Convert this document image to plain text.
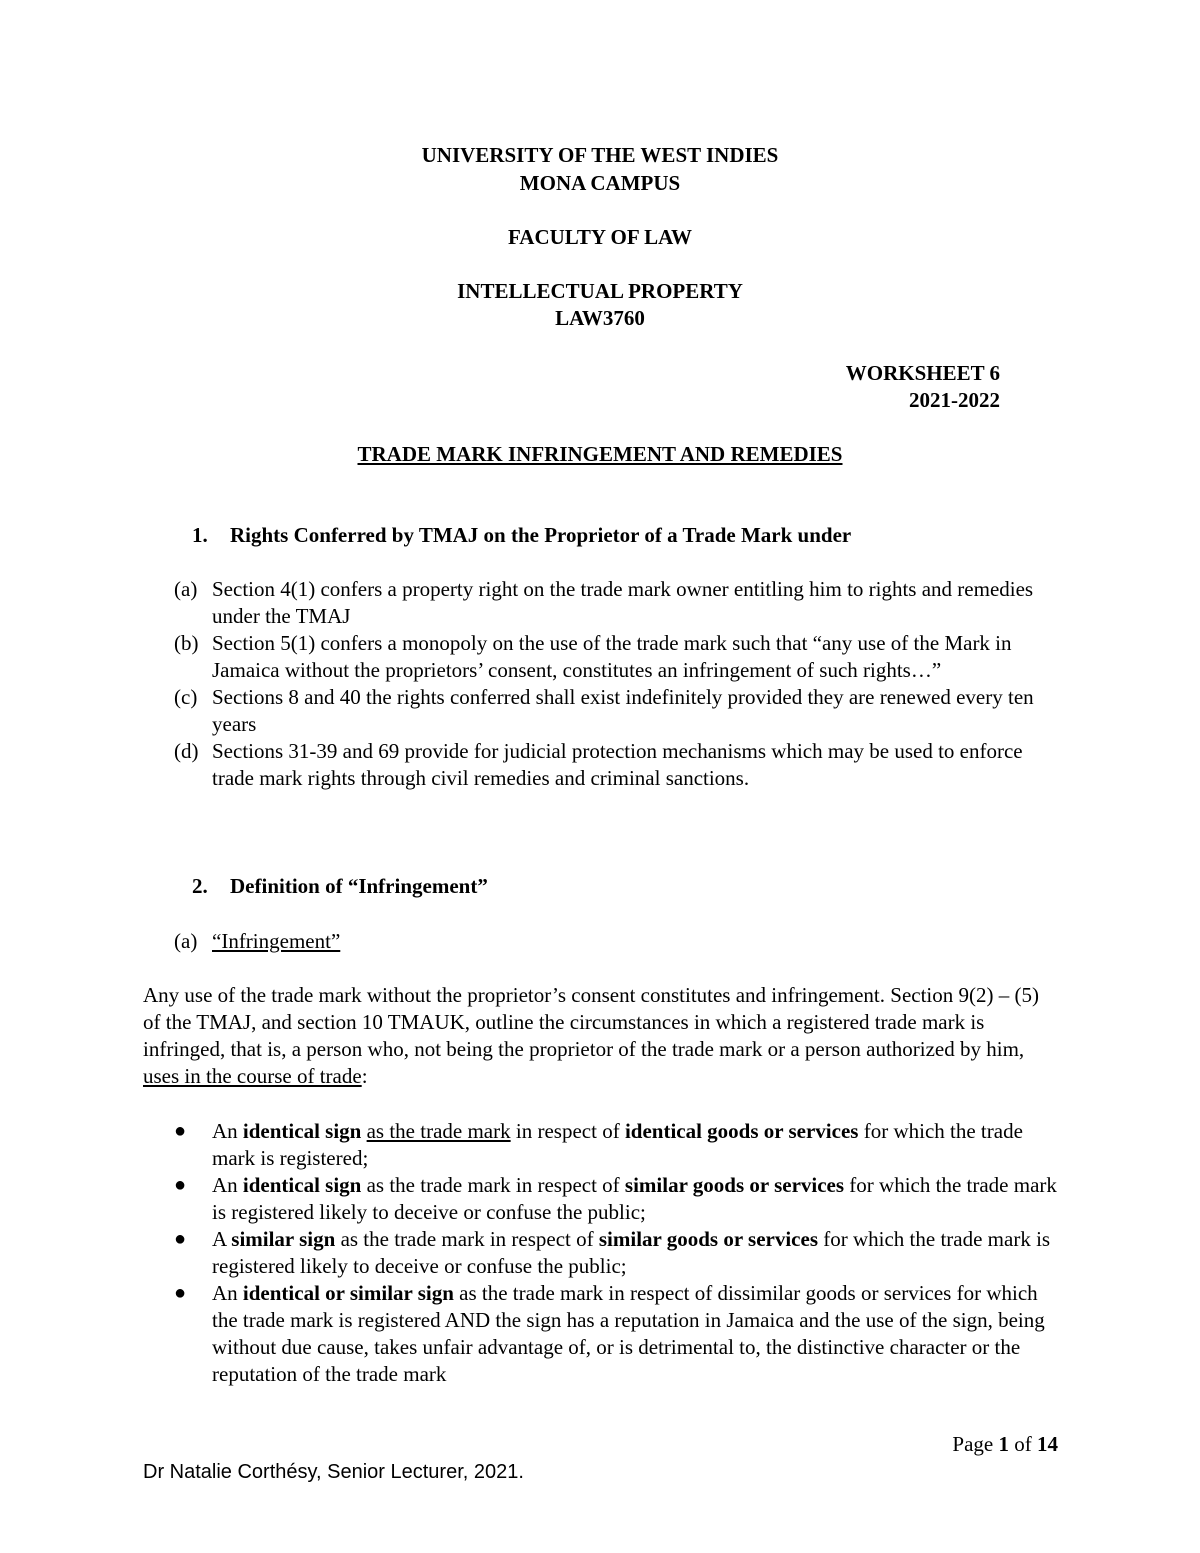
UNIVERSITY OF THE WEST INDIES
MONA CAMPUS
FACULTY OF LAW
INTELLECTUAL PROPERTY
LAW3760
WORKSHEET 6
2021-2022
TRADE MARK INFRINGEMENT AND REMEDIES
1. Rights Conferred by TMAJ on the Proprietor of a Trade Mark under
(a) Section 4(1) confers a property right on the trade mark owner entitling him to rights and remedies under the TMAJ
(b) Section 5(1) confers a monopoly on the use of the trade mark such that “any use of the Mark in Jamaica without the proprietors’ consent, constitutes an infringement of such rights…”
(c) Sections 8 and 40 the rights conferred shall exist indefinitely provided they are renewed every ten years
(d) Sections 31-39 and 69 provide for judicial protection mechanisms which may be used to enforce trade mark rights through civil remedies and criminal sanctions.
2. Definition of “Infringement”
(a) “Infringement”

Any use of the trade mark without the proprietor’s consent constitutes and infringement. Section 9(2) – (5) of the TMAJ, and section 10 TMAUK, outline the circumstances in which a registered trade mark is infringed, that is, a person who, not being the proprietor of the trade mark or a person authorized by him, uses in the course of trade:

● An identical sign as the trade mark in respect of identical goods or services for which the trade mark is registered;
● An identical sign as the trade mark in respect of similar goods or services for which the trade mark is registered likely to deceive or confuse the public;
● A similar sign as the trade mark in respect of similar goods or services for which the trade mark is registered likely to deceive or confuse the public;
● An identical or similar sign as the trade mark in respect of dissimilar goods or services for which the trade mark is registered AND the sign has a reputation in Jamaica and the use of the sign, being without due cause, takes unfair advantage of, or is detrimental to, the distinctive character or the reputation of the trade mark
Page 1 of 14
Dr Natalie Corthésy, Senior Lecturer, 2021.
